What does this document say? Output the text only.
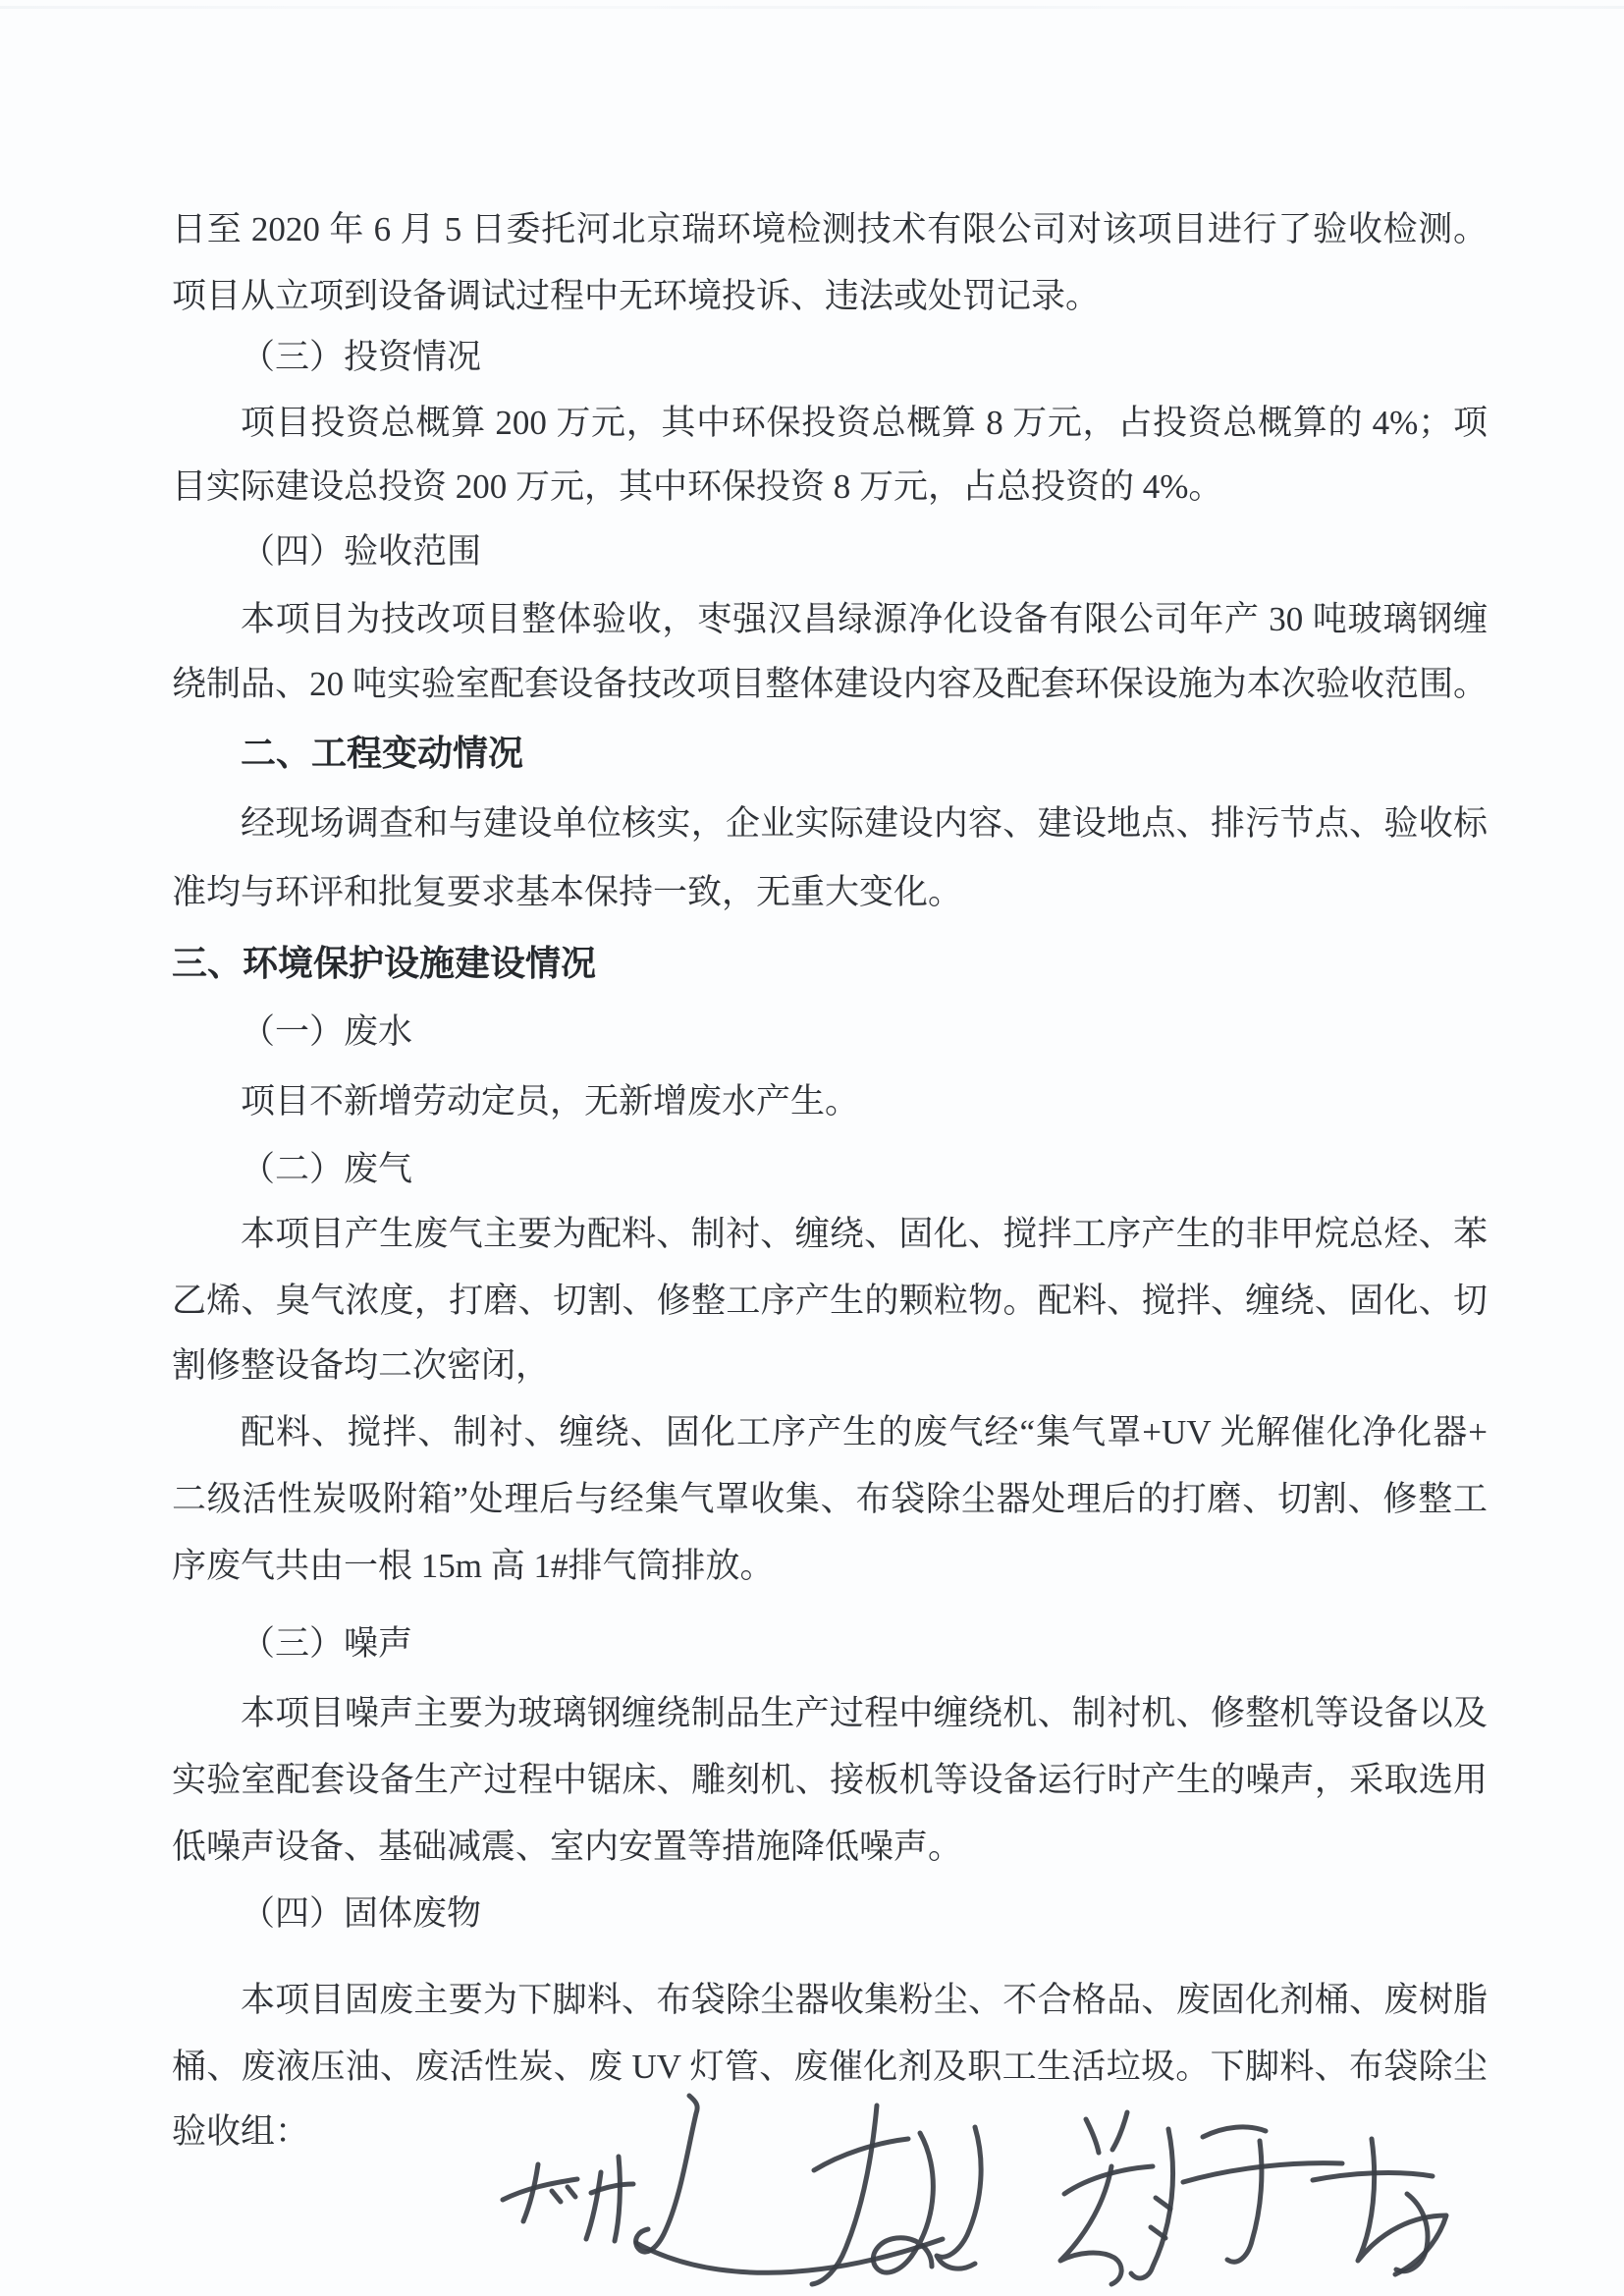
日至 2020 年 6 月 5 日委托河北京瑞环境检测技术有限公司对该项目进行了验收检测。
项目从立项到设备调试过程中无环境投诉、违法或处罚记录。
（三）投资情况
项目投资总概算 200 万元，其中环保投资总概算 8 万元，占投资总概算的 4%；项
目实际建设总投资 200 万元，其中环保投资 8 万元，占总投资的 4%。
（四）验收范围
本项目为技改项目整体验收，枣强汉昌绿源净化设备有限公司年产 30 吨玻璃钢缠
绕制品、20 吨实验室配套设备技改项目整体建设内容及配套环保设施为本次验收范围。
二、工程变动情况
经现场调查和与建设单位核实，企业实际建设内容、建设地点、排污节点、验收标
准均与环评和批复要求基本保持一致，无重大变化。
三、环境保护设施建设情况
（一）废水
项目不新增劳动定员，无新增废水产生。
（二）废气
本项目产生废气主要为配料、制衬、缠绕、固化、搅拌工序产生的非甲烷总烃、苯
乙烯、臭气浓度，打磨、切割、修整工序产生的颗粒物。配料、搅拌、缠绕、固化、切
割修整设备均二次密闭，
配料、搅拌、制衬、缠绕、固化工序产生的废气经“集气罩+UV 光解催化净化器+
二级活性炭吸附箱”处理后与经集气罩收集、布袋除尘器处理后的打磨、切割、修整工
序废气共由一根 15m 高 1#排气筒排放。
（三）噪声
本项目噪声主要为玻璃钢缠绕制品生产过程中缠绕机、制衬机、修整机等设备以及
实验室配套设备生产过程中锯床、雕刻机、接板机等设备运行时产生的噪声，采取选用
低噪声设备、基础减震、室内安置等措施降低噪声。
（四）固体废物
本项目固废主要为下脚料、布袋除尘器收集粉尘、不合格品、废固化剂桶、废树脂
桶、废液压油、废活性炭、废 UV 灯管、废催化剂及职工生活垃圾。下脚料、布袋除尘
验收组：
